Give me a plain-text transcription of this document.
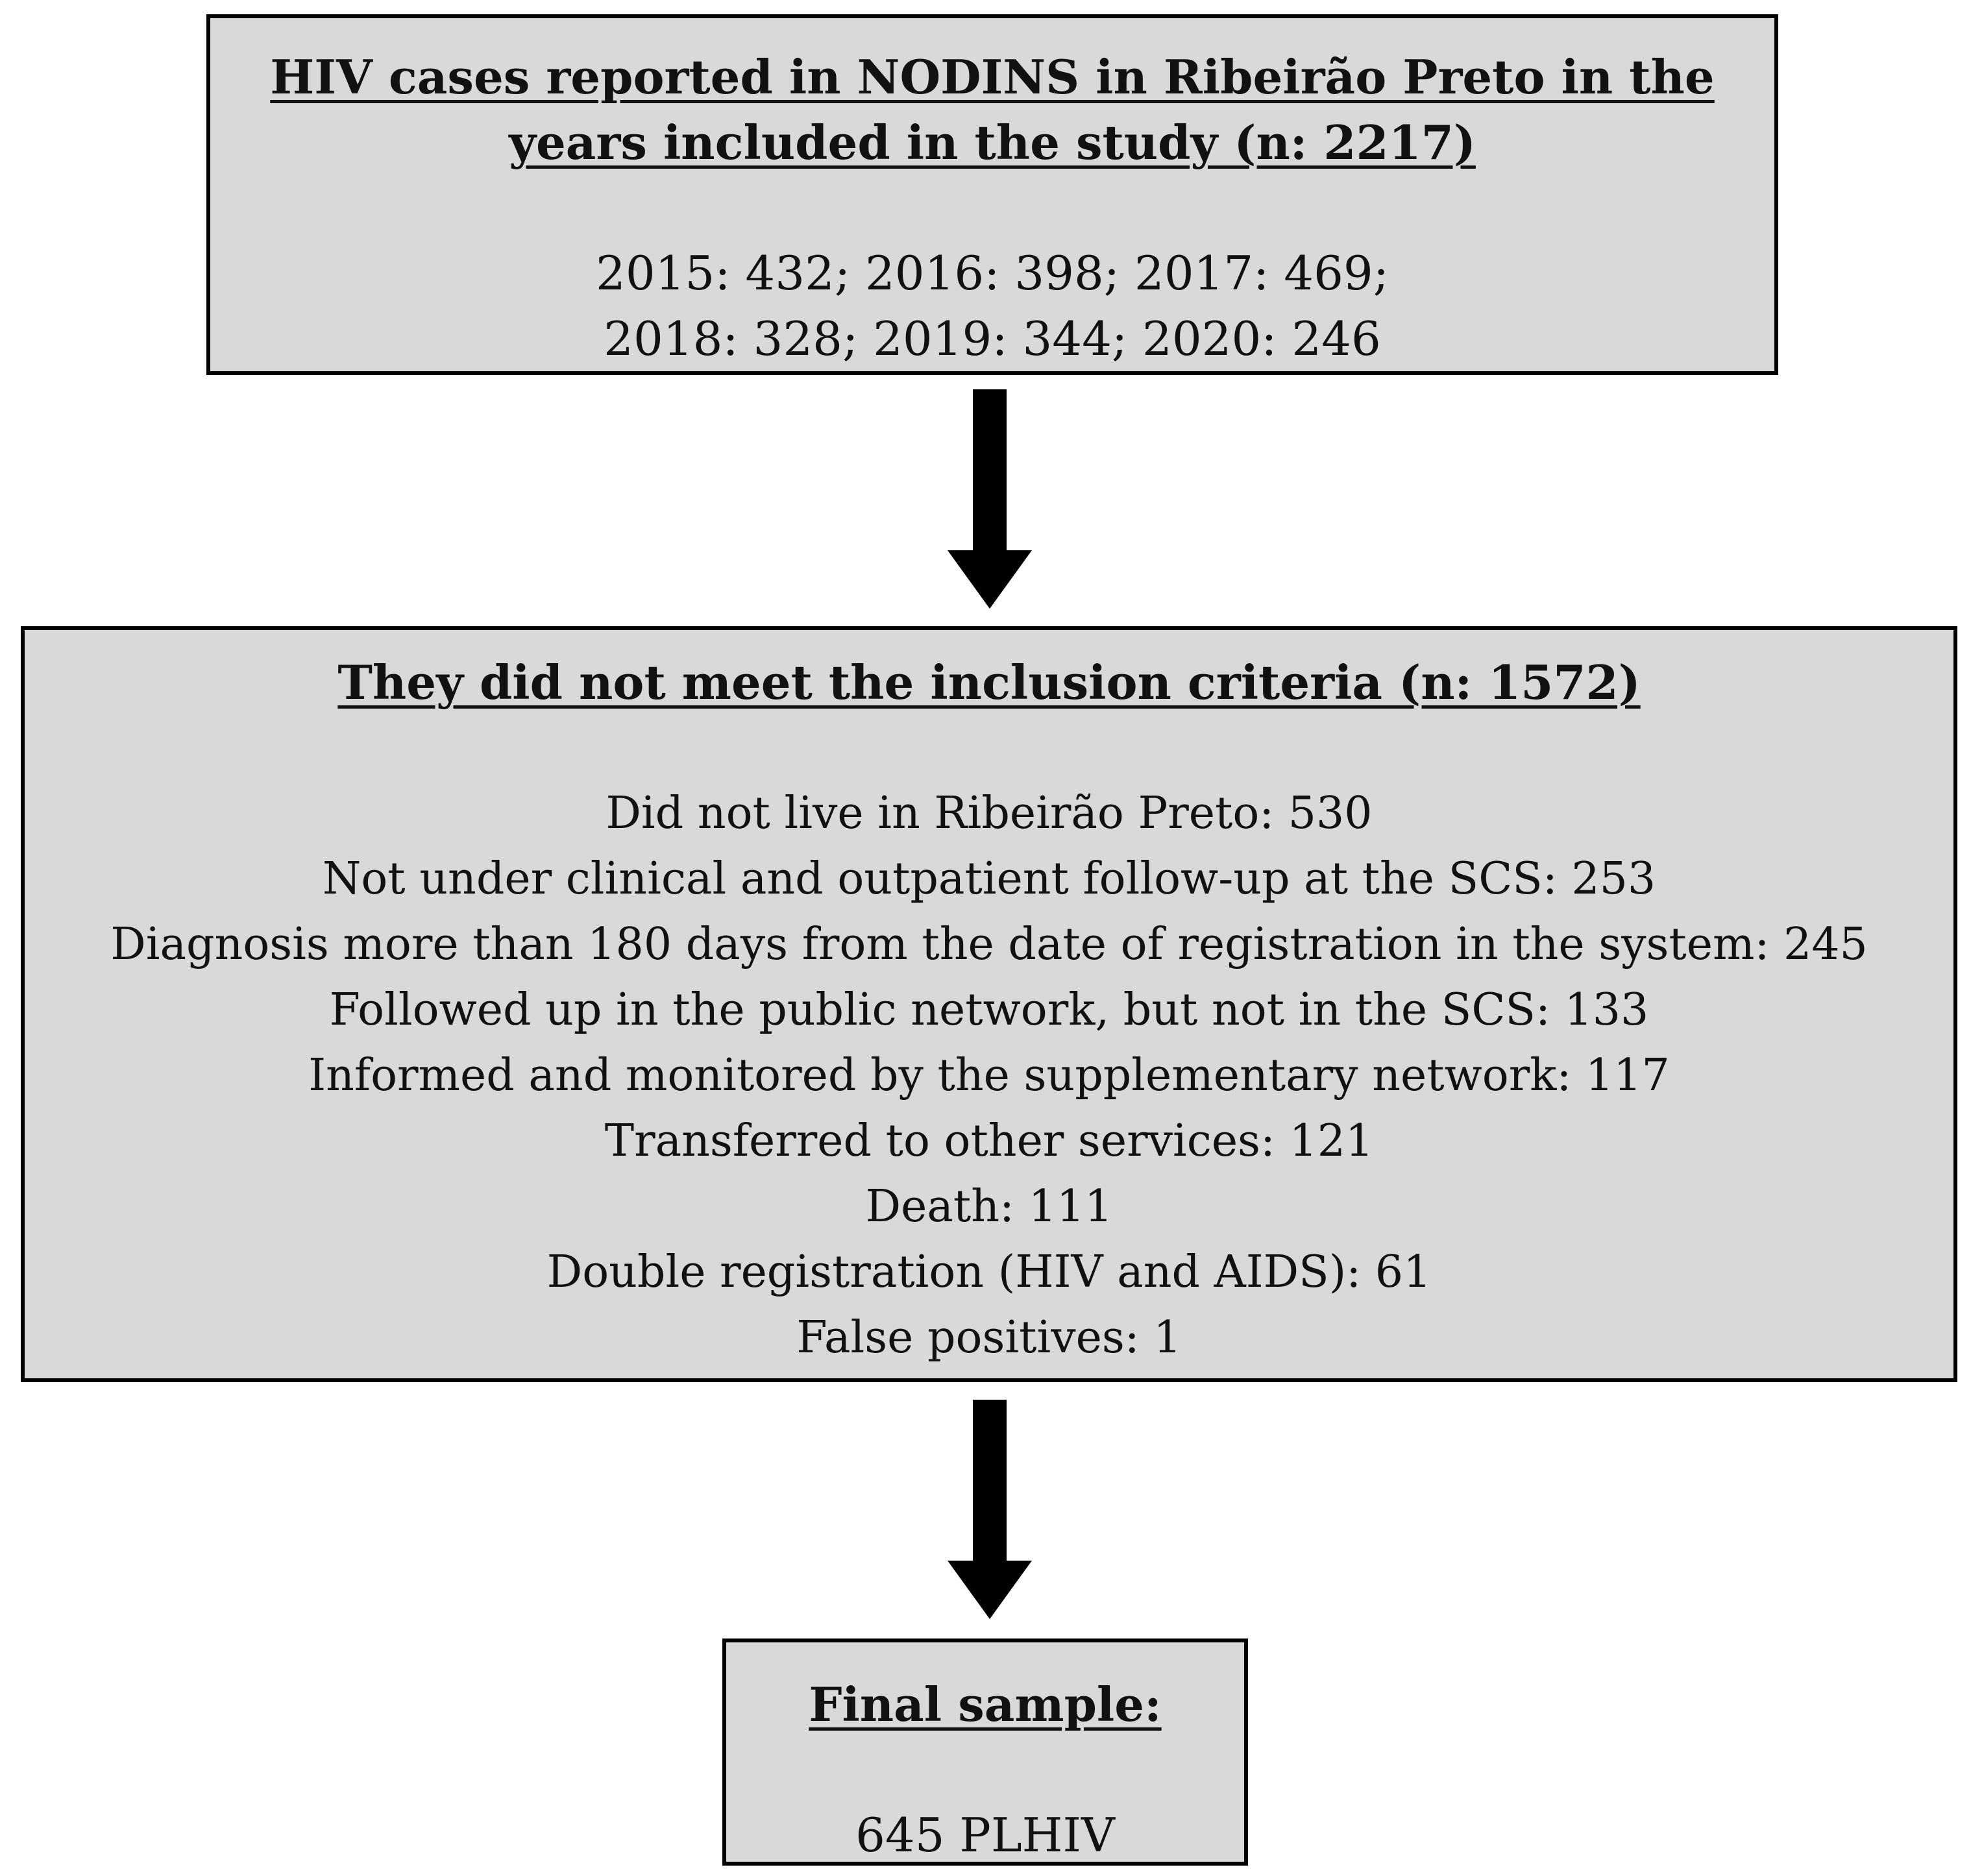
HIV cases reported in NODINS in Ribeirão Preto in the

years included in the study (n: 2217)

2015: 432; 2016: 398; 2017: 469;

2018: 328; 2019: 344; 2020: 246

They did not meet the inclusion criteria (n: 1572)

Did not live in Ribeirão Preto: 530

Not under clinical and outpatient follow-up at the SCS: 253

Diagnosis more than 180 days from the date of registration in the system: 245

Followed up in the public network, but not in the SCS: 133

Informed and monitored by the supplementary network: 117

Transferred to other services: 121

Death: 111

Double registration (HIV and AIDS): 61

False positives: 1

Final sample:

645 PLHIV
